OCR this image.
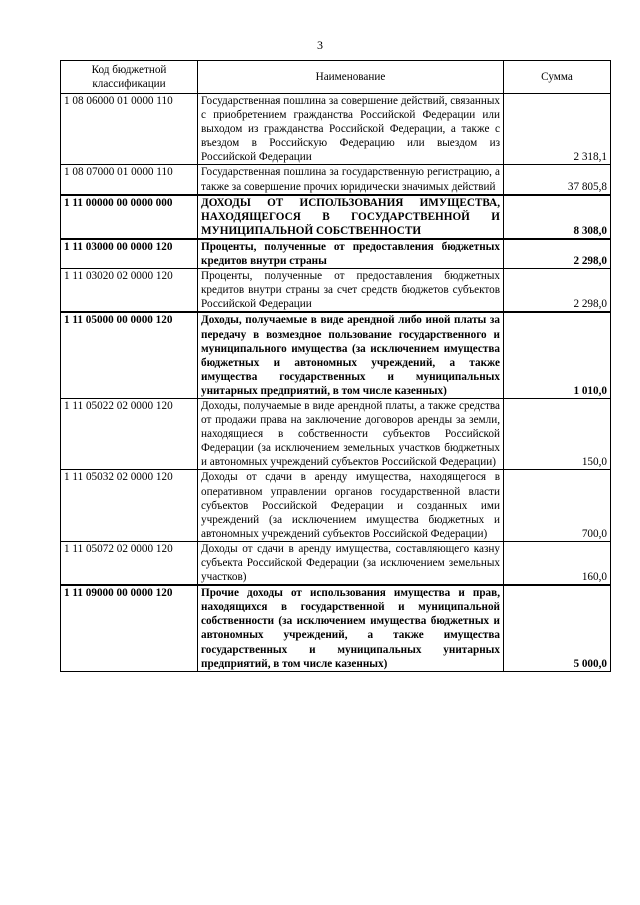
3
Код бюджетной классификации	Наименование	Сумма
1 08 06000 01 0000 110	Государственная пошлина за совершение действий, связанных с приобретением гражданства Российской Федерации или выходом из гражданства Российской Федерации, а также с въездом в Российскую Федерацию или выездом из Российской Федерации	2 318,1
1 08 07000 01 0000 110	Государственная пошлина за государственную регистрацию, а также за совершение прочих юридически значимых действий	37 805,8
1 11 00000 00 0000 000	ДОХОДЫ ОТ ИСПОЛЬЗОВАНИЯ ИМУЩЕСТВА, НАХОДЯЩЕГОСЯ В ГОСУДАРСТВЕННОЙ И МУНИЦИПАЛЬНОЙ СОБСТВЕННОСТИ	8 308,0
1 11 03000 00 0000 120	Проценты, полученные от предоставления бюджетных кредитов внутри страны	2 298,0
1 11 03020 02 0000 120	Проценты, полученные от предоставления бюджетных кредитов внутри страны за счет средств бюджетов субъектов Российской Федерации	2 298,0
1 11 05000 00 0000 120	Доходы, получаемые в виде арендной либо иной платы за передачу в возмездное пользование государственного и муниципального имущества (за исключением имущества бюджетных и автономных учреждений, а также имущества государственных и муниципальных унитарных предприятий, в том числе казенных)	1 010,0
1 11 05022 02 0000 120	Доходы, получаемые в виде арендной платы, а также средства от продажи права на заключение договоров аренды за земли, находящиеся в собственности субъектов Российской Федерации (за исключением земельных участков бюджетных и автономных учреждений субъектов Российской Федерации)	150,0
1 11 05032 02 0000 120	Доходы от сдачи в аренду имущества, находящегося в оперативном управлении органов государственной власти субъектов Российской Федерации и созданных ими учреждений (за исключением имущества бюджетных и автономных учреждений субъектов Российской Федерации)	700,0
1 11 05072 02 0000 120	Доходы от сдачи в аренду имущества, составляющего казну субъекта Российской Федерации (за исключением земельных участков)	160,0
1 11 09000 00 0000 120	Прочие доходы от использования имущества и прав, находящихся в государственной и муниципальной собственности (за исключением имущества бюджетных и автономных учреждений, а также имущества государственных и муниципальных унитарных предприятий, в том числе казенных)	5 000,0
